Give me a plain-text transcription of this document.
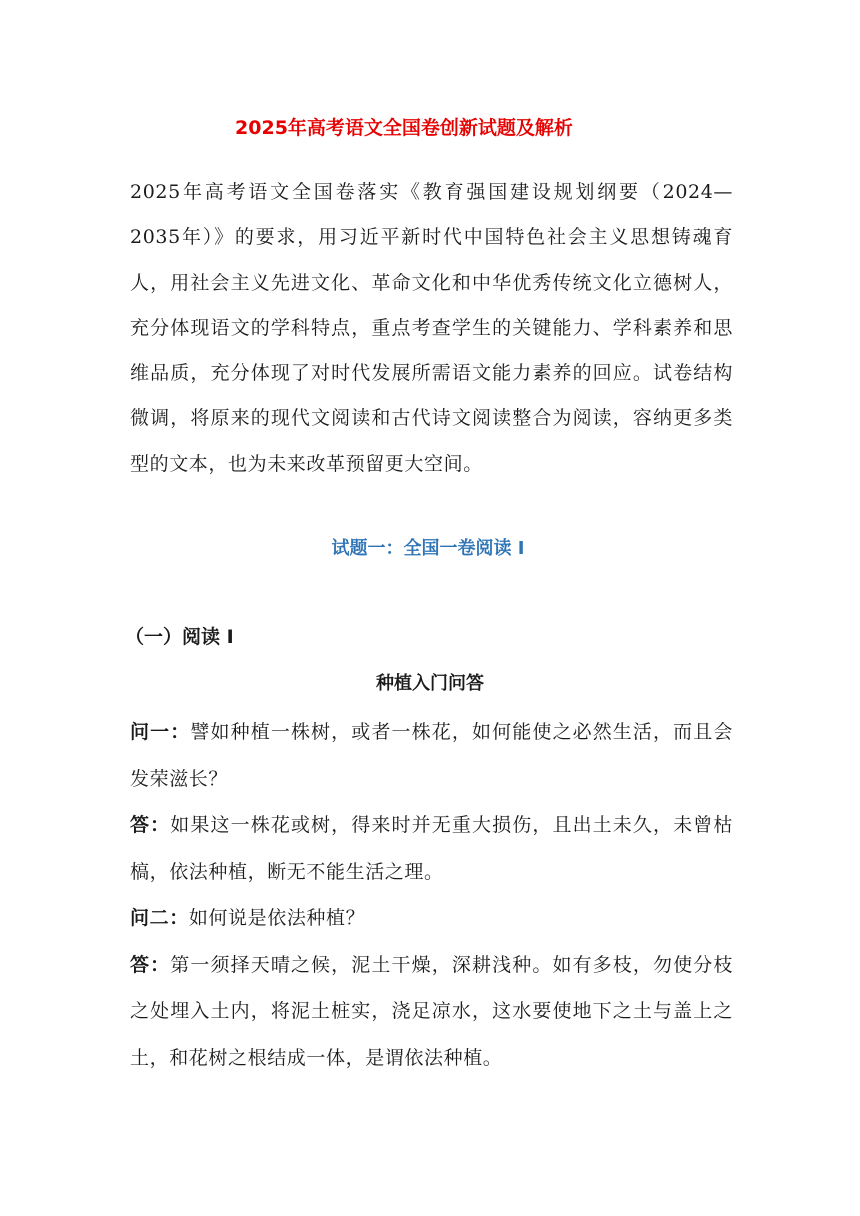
2025年高考语文全国卷创新试题及解析

2025年高考语文全国卷落实《教育强国建设规划纲要（2024—2035年）》的要求，用习近平新时代中国特色社会主义思想铸魂育人，用社会主义先进文化、革命文化和中华优秀传统文化立德树人，充分体现语文的学科特点，重点考查学生的关键能力、学科素养和思维品质，充分体现了对时代发展所需语文能力素养的回应。试卷结构微调，将原来的现代文阅读和古代诗文阅读整合为阅读，容纳更多类型的文本，也为未来改革预留更大空间。

试题一：全国一卷阅读 I
（一）阅读 I
种植入门问答

问一：譬如种植一株树，或者一株花，如何能使之必然生活，而且会发荣滋长？

答：如果这一株花或树，得来时并无重大损伤，且出土未久，未曾枯槁，依法种植，断无不能生活之理。

问二：如何说是依法种植？

答：第一须择天晴之候，泥土干燥，深耕浅种。如有多枝，勿使分枝之处埋入土内，将泥土桩实，浇足凉水，这水要使地下之土与盖上之土，和花树之根结成一体，是谓依法种植。
